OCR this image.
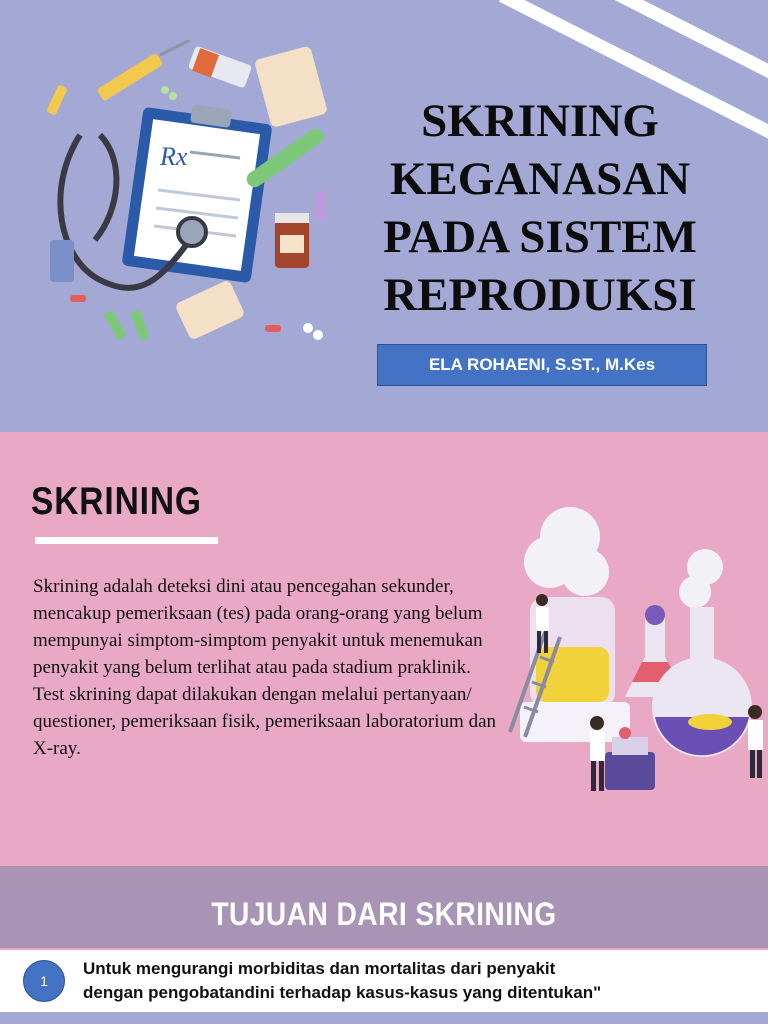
Rx
SKRINING
KEGANASAN
PADA SISTEM
REPRODUKSI
ELA ROHAENI, S.ST., M.Kes
SKRINING
Skrining adalah deteksi dini atau pencegahan sekunder, mencakup pemeriksaan (tes) pada orang-orang yang belum mempunyai simptom-simptom penyakit untuk menemukan penyakit yang belum terlihat atau pada stadium praklinik. Test skrining dapat dilakukan dengan melalui pertanyaan/ questioner, pemeriksaan fisik, pemeriksaan laboratorium dan X-ray.
TUJUAN DARI SKRINING
1
Untuk mengurangi morbiditas dan mortalitas dari penyakit
dengan pengobatandini terhadap kasus-kasus yang ditentukan"
